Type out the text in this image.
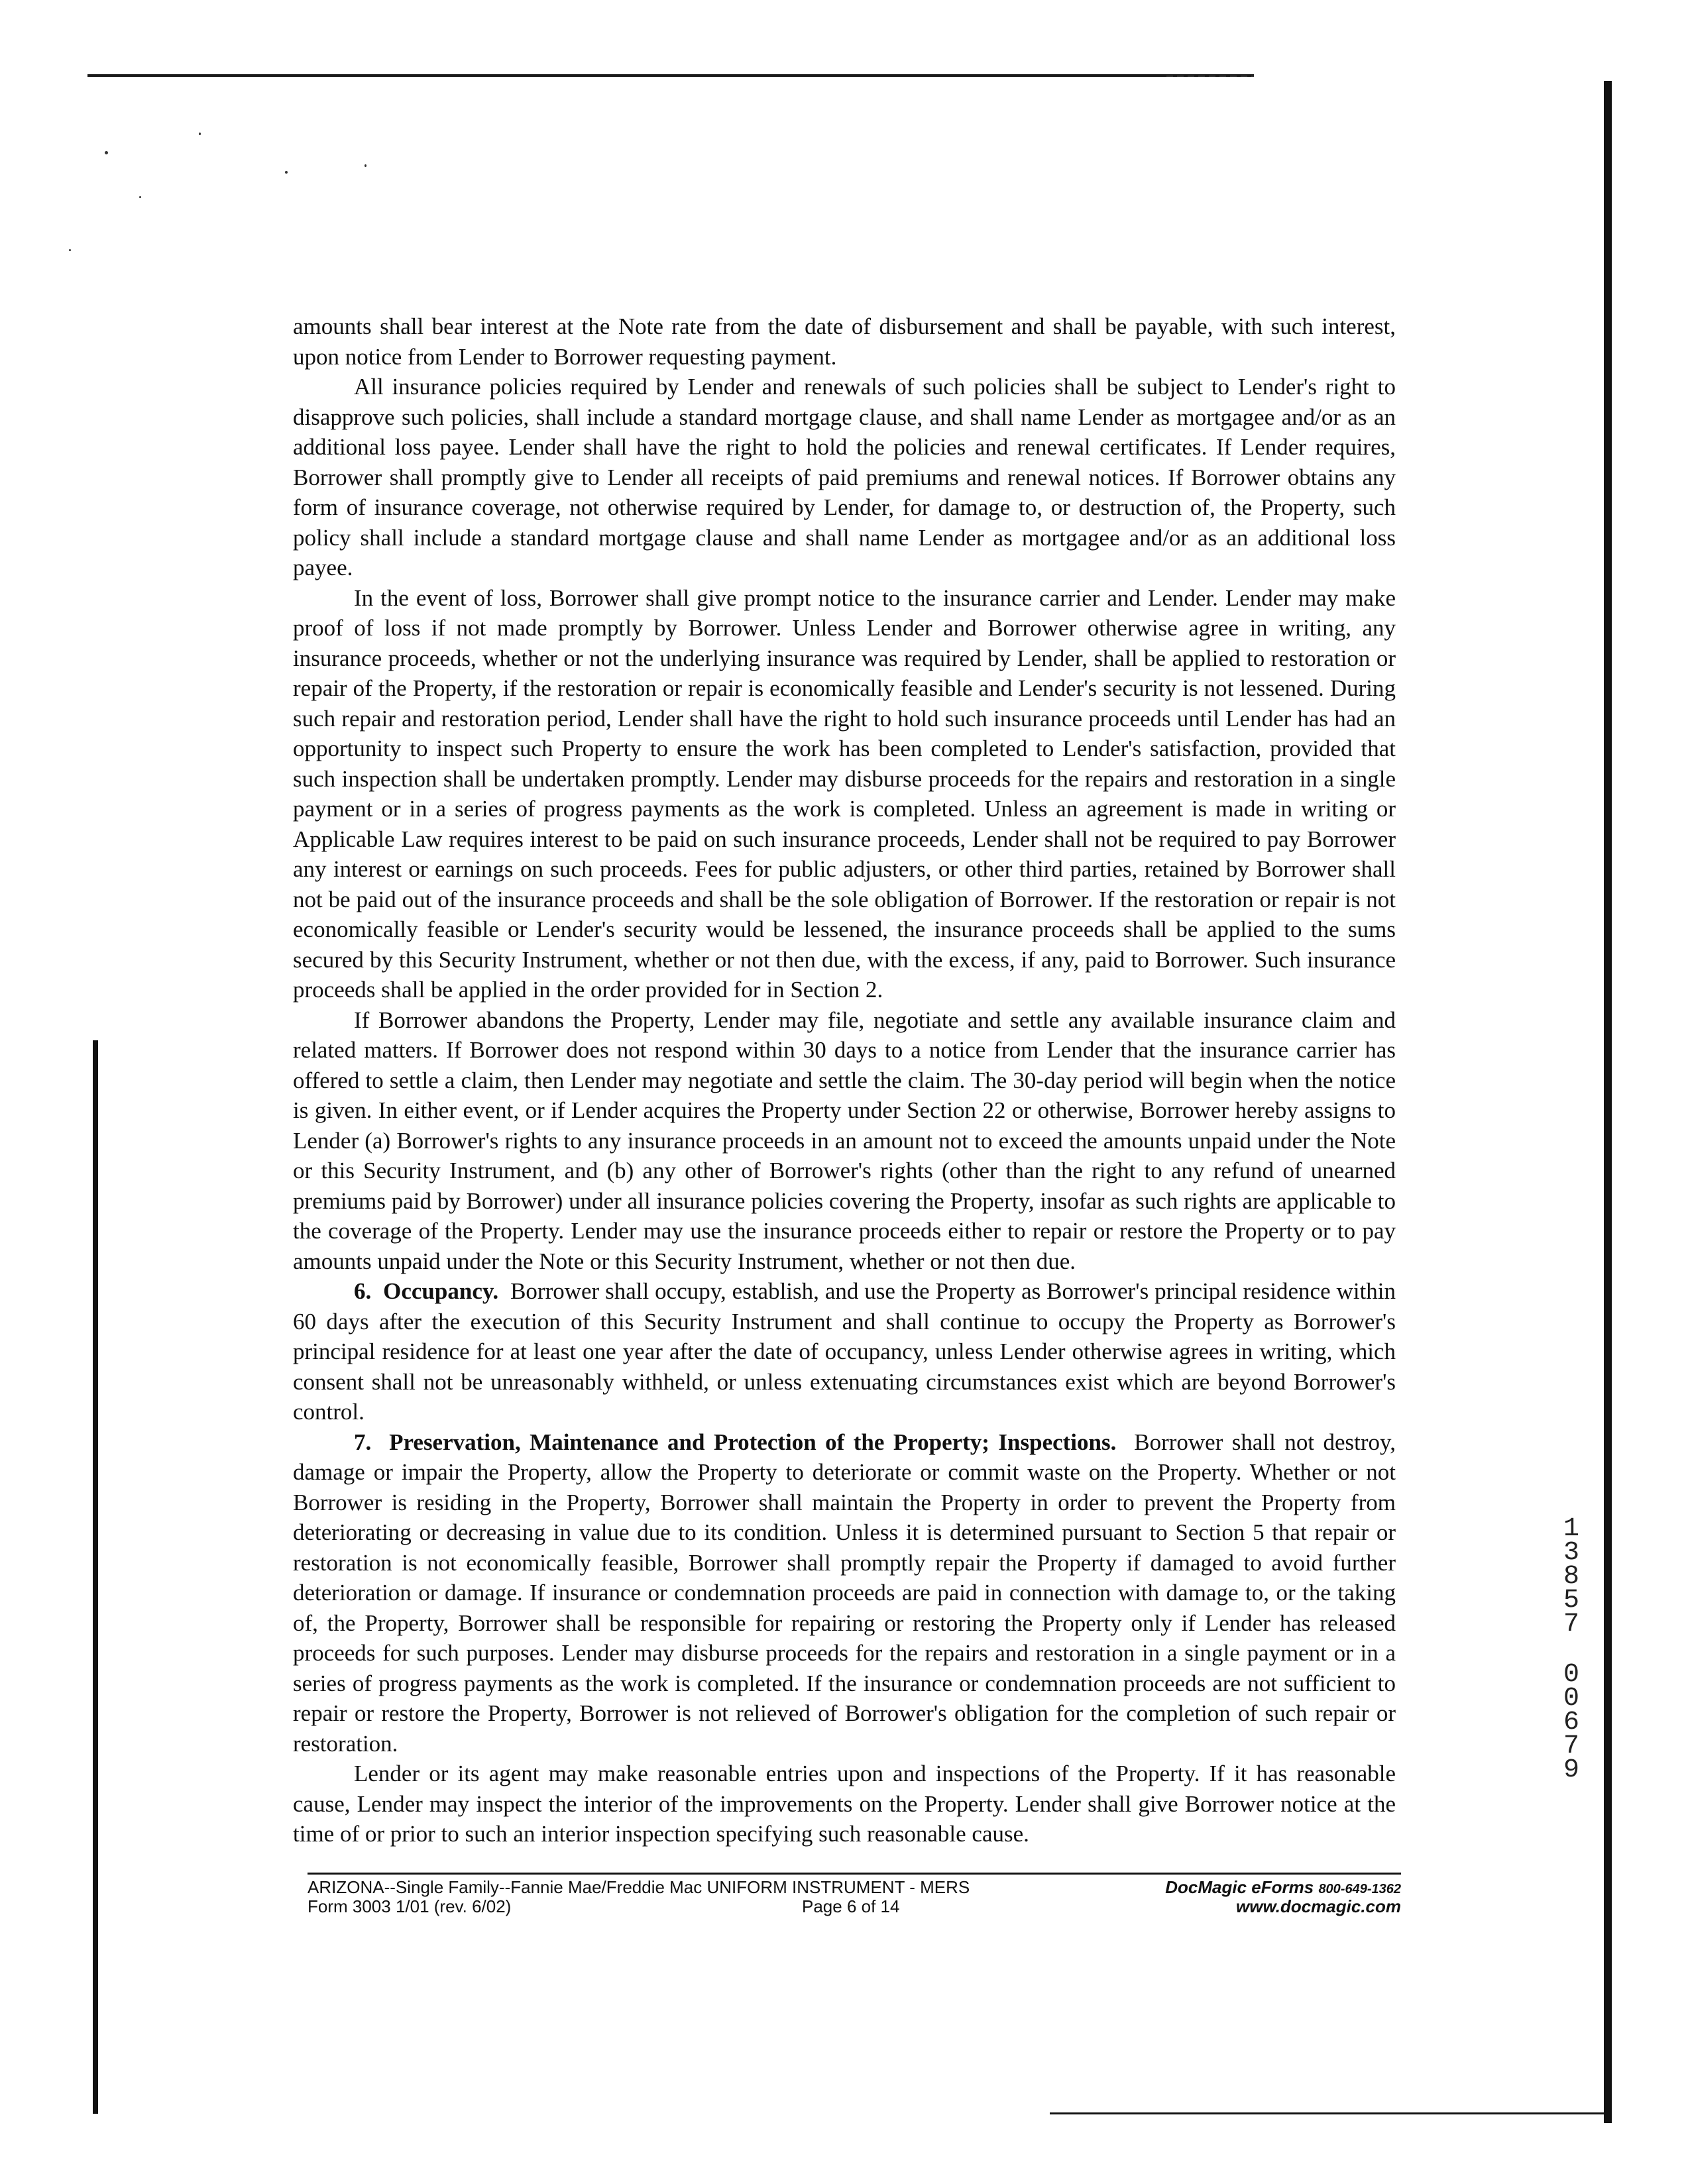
amounts shall bear interest at the Note rate from the date of disbursement and shall be payable, with such interest, upon notice from Lender to Borrower requesting payment.

All insurance policies required by Lender and renewals of such policies shall be subject to Lender's right to disapprove such policies, shall include a standard mortgage clause, and shall name Lender as mortgagee and/or as an additional loss payee. Lender shall have the right to hold the policies and renewal certificates. If Lender requires, Borrower shall promptly give to Lender all receipts of paid premiums and renewal notices. If Borrower obtains any form of insurance coverage, not otherwise required by Lender, for damage to, or destruction of, the Property, such policy shall include a standard mortgage clause and shall name Lender as mortgagee and/or as an additional loss payee.

In the event of loss, Borrower shall give prompt notice to the insurance carrier and Lender. Lender may make proof of loss if not made promptly by Borrower. Unless Lender and Borrower otherwise agree in writing, any insurance proceeds, whether or not the underlying insurance was required by Lender, shall be applied to restoration or repair of the Property, if the restoration or repair is economically feasible and Lender's security is not lessened. During such repair and restoration period, Lender shall have the right to hold such insurance proceeds until Lender has had an opportunity to inspect such Property to ensure the work has been completed to Lender's satisfaction, provided that such inspection shall be undertaken promptly. Lender may disburse proceeds for the repairs and restoration in a single payment or in a series of progress payments as the work is completed. Unless an agreement is made in writing or Applicable Law requires interest to be paid on such insurance proceeds, Lender shall not be required to pay Borrower any interest or earnings on such proceeds. Fees for public adjusters, or other third parties, retained by Borrower shall not be paid out of the insurance proceeds and shall be the sole obligation of Borrower. If the restoration or repair is not economically feasible or Lender's security would be lessened, the insurance proceeds shall be applied to the sums secured by this Security Instrument, whether or not then due, with the excess, if any, paid to Borrower. Such insurance proceeds shall be applied in the order provided for in Section 2.

If Borrower abandons the Property, Lender may file, negotiate and settle any available insurance claim and related matters. If Borrower does not respond within 30 days to a notice from Lender that the insurance carrier has offered to settle a claim, then Lender may negotiate and settle the claim. The 30-day period will begin when the notice is given. In either event, or if Lender acquires the Property under Section 22 or otherwise, Borrower hereby assigns to Lender (a) Borrower's rights to any insurance proceeds in an amount not to exceed the amounts unpaid under the Note or this Security Instrument, and (b) any other of Borrower's rights (other than the right to any refund of unearned premiums paid by Borrower) under all insurance policies covering the Property, insofar as such rights are applicable to the coverage of the Property. Lender may use the insurance proceeds either to repair or restore the Property or to pay amounts unpaid under the Note or this Security Instrument, whether or not then due.

6. Occupancy. Borrower shall occupy, establish, and use the Property as Borrower's principal residence within 60 days after the execution of this Security Instrument and shall continue to occupy the Property as Borrower's principal residence for at least one year after the date of occupancy, unless Lender otherwise agrees in writing, which consent shall not be unreasonably withheld, or unless extenuating circumstances exist which are beyond Borrower's control.

7. Preservation, Maintenance and Protection of the Property; Inspections. Borrower shall not destroy, damage or impair the Property, allow the Property to deteriorate or commit waste on the Property. Whether or not Borrower is residing in the Property, Borrower shall maintain the Property in order to prevent the Property from deteriorating or decreasing in value due to its condition. Unless it is determined pursuant to Section 5 that repair or restoration is not economically feasible, Borrower shall promptly repair the Property if damaged to avoid further deterioration or damage. If insurance or condemnation proceeds are paid in connection with damage to, or the taking of, the Property, Borrower shall be responsible for repairing or restoring the Property only if Lender has released proceeds for such purposes. Lender may disburse proceeds for the repairs and restoration in a single payment or in a series of progress payments as the work is completed. If the insurance or condemnation proceeds are not sufficient to repair or restore the Property, Borrower is not relieved of Borrower's obligation for the completion of such repair or restoration.

Lender or its agent may make reasonable entries upon and inspections of the Property. If it has reasonable cause, Lender may inspect the interior of the improvements on the Property. Lender shall give Borrower notice at the time of or prior to such an interior inspection specifying such reasonable cause.

ARIZONA--Single Family--Fannie Mae/Freddie Mac UNIFORM INSTRUMENT - MERS
Form 3003 1/01 (rev. 6/02)	Page 6 of 14
DocMagic eForms 800-649-1362
www.docmagic.com
1
3
8
5
7
0
0
6
7
9
